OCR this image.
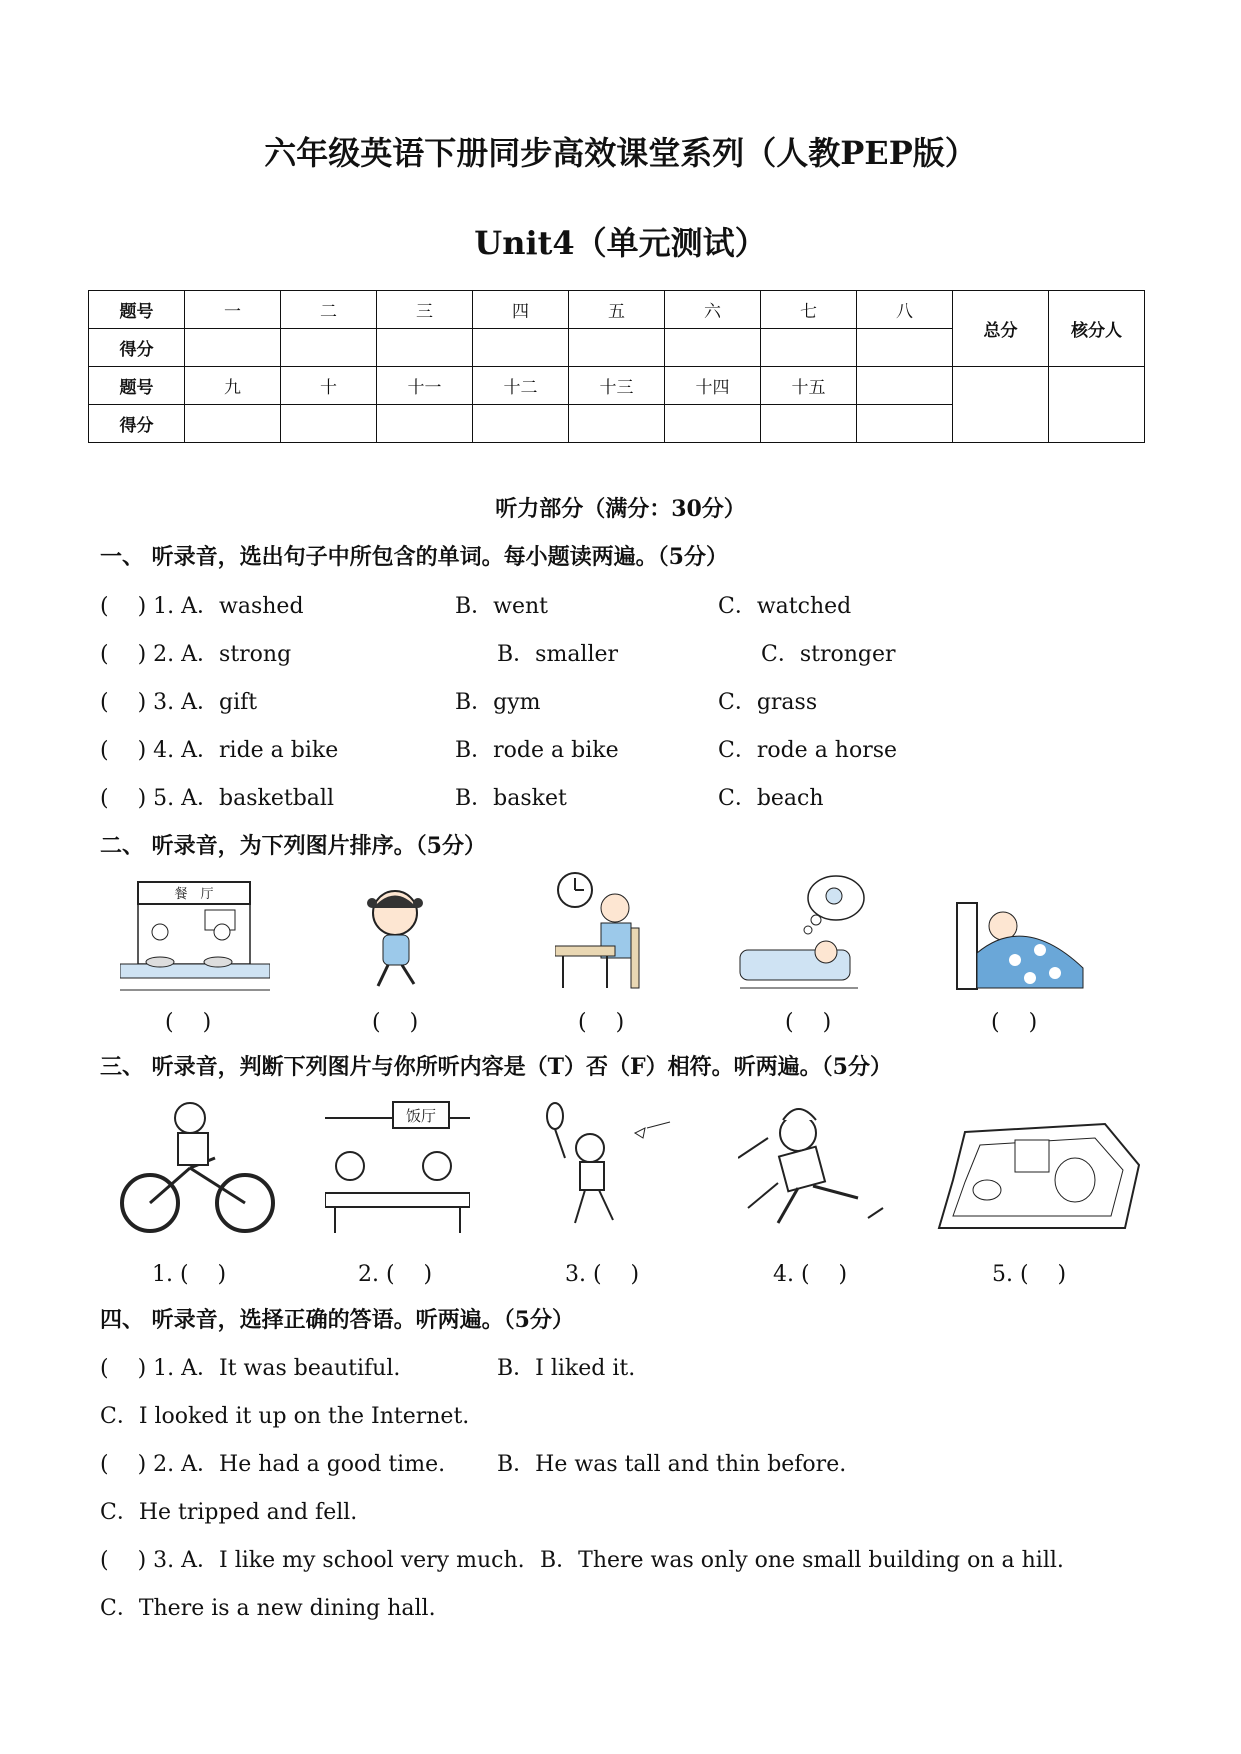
六年级英语下册同步高效课堂系列（人教PEP版）
Unit4（单元测试）
题号	一	二	三	四	五	六	七	八	总分	核分人
得分										
题号	九	十	十一	十二	十三	十四	十五			
得分										
听力部分（满分：30分）
一、 听录音，选出句子中所包含的单词。每小题读两遍。（5分）
(　 ) 1. A．washed	B．went	C．watched
(　 ) 2. A．strong	B．smaller	C．stronger
(　 ) 3. A．gift	B．gym	C．grass
(　 ) 4. A．ride a bike	B．rode a bike	C．rode a horse
(　 ) 5. A．basketball	B．basket	C．beach
二、 听录音，为下列图片排序。（5分）
餐　厅
(　 )	(　 )	(　 )	(　 )	(　 )
三、 听录音，判断下列图片与你所听内容是（T）否（F）相符。听两遍。（5分）
饭厅
1. (　 )	2. (　 )	3. (　 )	4. (　 )	5. (　 )
四、 听录音，选择正确的答语。听两遍。（5分）
(　 ) 1. A．It was beautiful.	B．I liked it.
C．I looked it up on the Internet.
(　 ) 2. A．He had a good time. B．He was tall and thin before.
C．He tripped and fell.
(　 ) 3. A．I like my school very much. B．There was only one small building on a hill.
C．There is a new dining hall.
